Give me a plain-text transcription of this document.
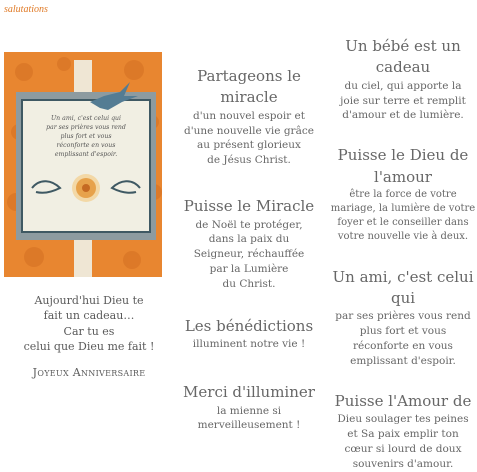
salutations
Un ami, c'est celui qui
par ses prières vous rend
plus fort et vous
réconforte en vous
emplissant d'espoir.
Aujourd'hui Dieu te
fait un cadeau…
Car tu es
celui que Dieu me fait !
Joyeux Anniversaire

Partageons le miracle
d'un nouvel espoir et
d'une nouvelle vie grâce
au présent glorieux
de Jésus Christ.

Puisse le Miracle
de Noël te protéger,
dans la paix du
Seigneur, réchauffée
par la Lumière
du Christ.

Les bénédictions
illuminent notre vie !

Merci d'illuminer
la mienne si
merveilleusement !

Un bébé est un cadeau
du ciel, qui apporte la
joie sur terre et remplit
d'amour et de lumière.

Puisse le Dieu de l'amour
être la force de votre
mariage, la lumière de votre
foyer et le conseiller dans
votre nouvelle vie à deux.

Un ami, c'est celui qui
par ses prières vous rend
plus fort et vous
réconforte en vous
emplissant d'espoir.

Puisse l'Amour de
Dieu soulager tes peines
et Sa paix emplir ton
cœur si lourd de doux
souvenirs d'amour.
